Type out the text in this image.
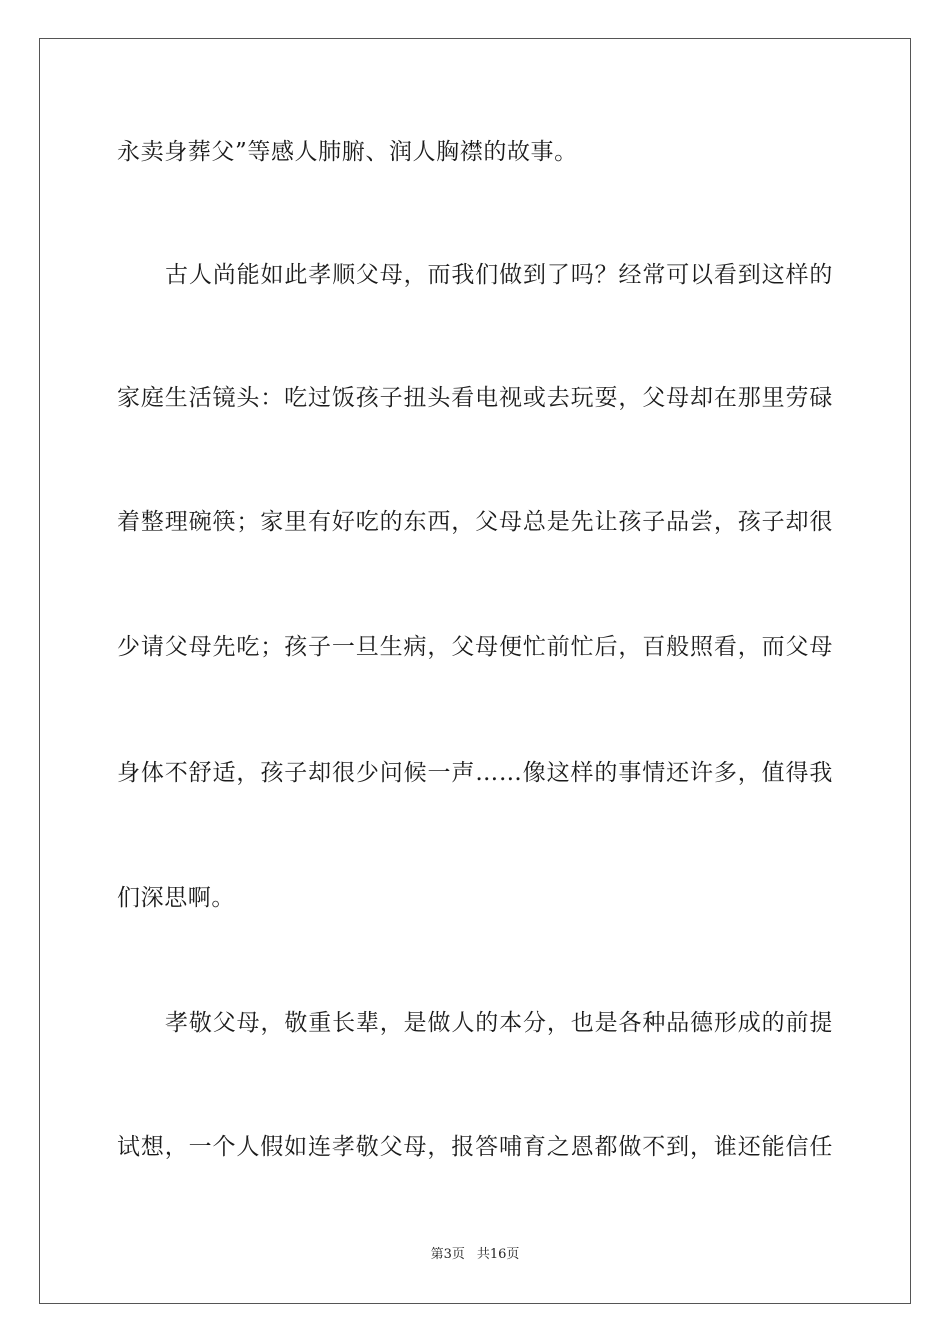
永卖身葬父”等感人肺腑、润人胸襟的故事。
古人尚能如此孝顺父母，而我们做到了吗？经常可以看到这样的
家庭生活镜头：吃过饭孩子扭头看电视或去玩耍，父母却在那里劳碌
着整理碗筷；家里有好吃的东西，父母总是先让孩子品尝，孩子却很
少请父母先吃；孩子一旦生病，父母便忙前忙后，百般照看，而父母
身体不舒适，孩子却很少问候一声……像这样的事情还许多，值得我
们深思啊。
孝敬父母，敬重长辈，是做人的本分，也是各种品德形成的前提
试想，一个人假如连孝敬父母，报答哺育之恩都做不到，谁还能信任
第3页 共16页
